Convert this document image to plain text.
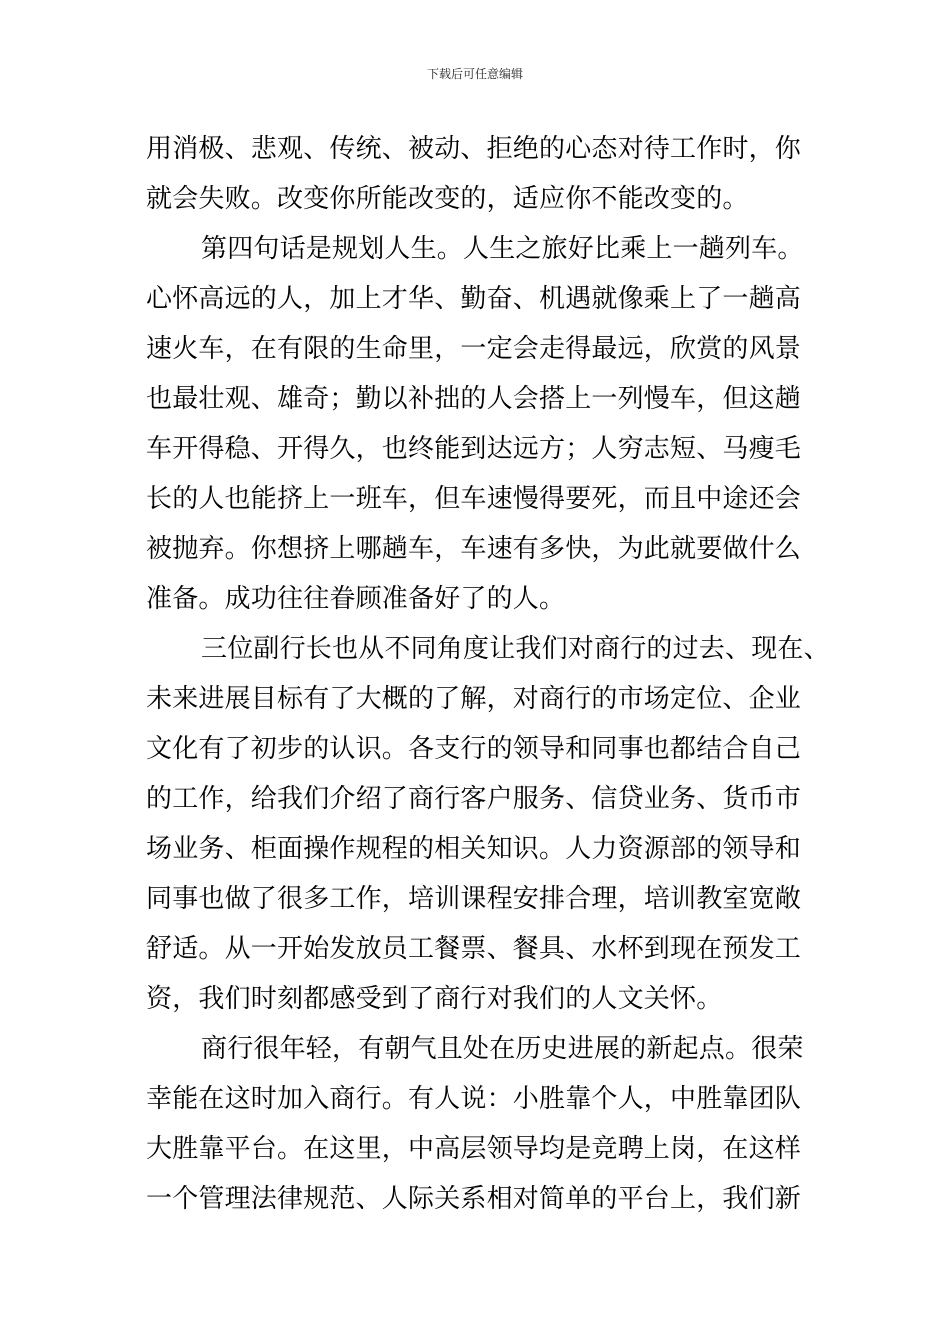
下载后可任意编辑
用消极、悲观、传统、被动、拒绝的心态对待工作时，你
就会失败。改变你所能改变的，适应你不能改变的。
第四句话是规划人生。人生之旅好比乘上一趟列车。
心怀高远的人，加上才华、勤奋、机遇就像乘上了一趟高
速火车，在有限的生命里，一定会走得最远，欣赏的风景
也最壮观、雄奇；勤以补拙的人会搭上一列慢车，但这趟
车开得稳、开得久，也终能到达远方；人穷志短、马瘦毛
长的人也能挤上一班车，但车速慢得要死，而且中途还会
被抛弃。你想挤上哪趟车，车速有多快，为此就要做什么
准备。成功往往眷顾准备好了的人。
三位副行长也从不同角度让我们对商行的过去、现在、
未来进展目标有了大概的了解，对商行的市场定位、企业
文化有了初步的认识。各支行的领导和同事也都结合自己
的工作，给我们介绍了商行客户服务、信贷业务、货币市
场业务、柜面操作规程的相关知识。人力资源部的领导和
同事也做了很多工作，培训课程安排合理，培训教室宽敞
舒适。从一开始发放员工餐票、餐具、水杯到现在预发工
资，我们时刻都感受到了商行对我们的人文关怀。
商行很年轻，有朝气且处在历史进展的新起点。很荣
幸能在这时加入商行。有人说：小胜靠个人，中胜靠团队
大胜靠平台。在这里，中高层领导均是竞聘上岗，在这样
一个管理法律规范、人际关系相对简单的平台上，我们新
